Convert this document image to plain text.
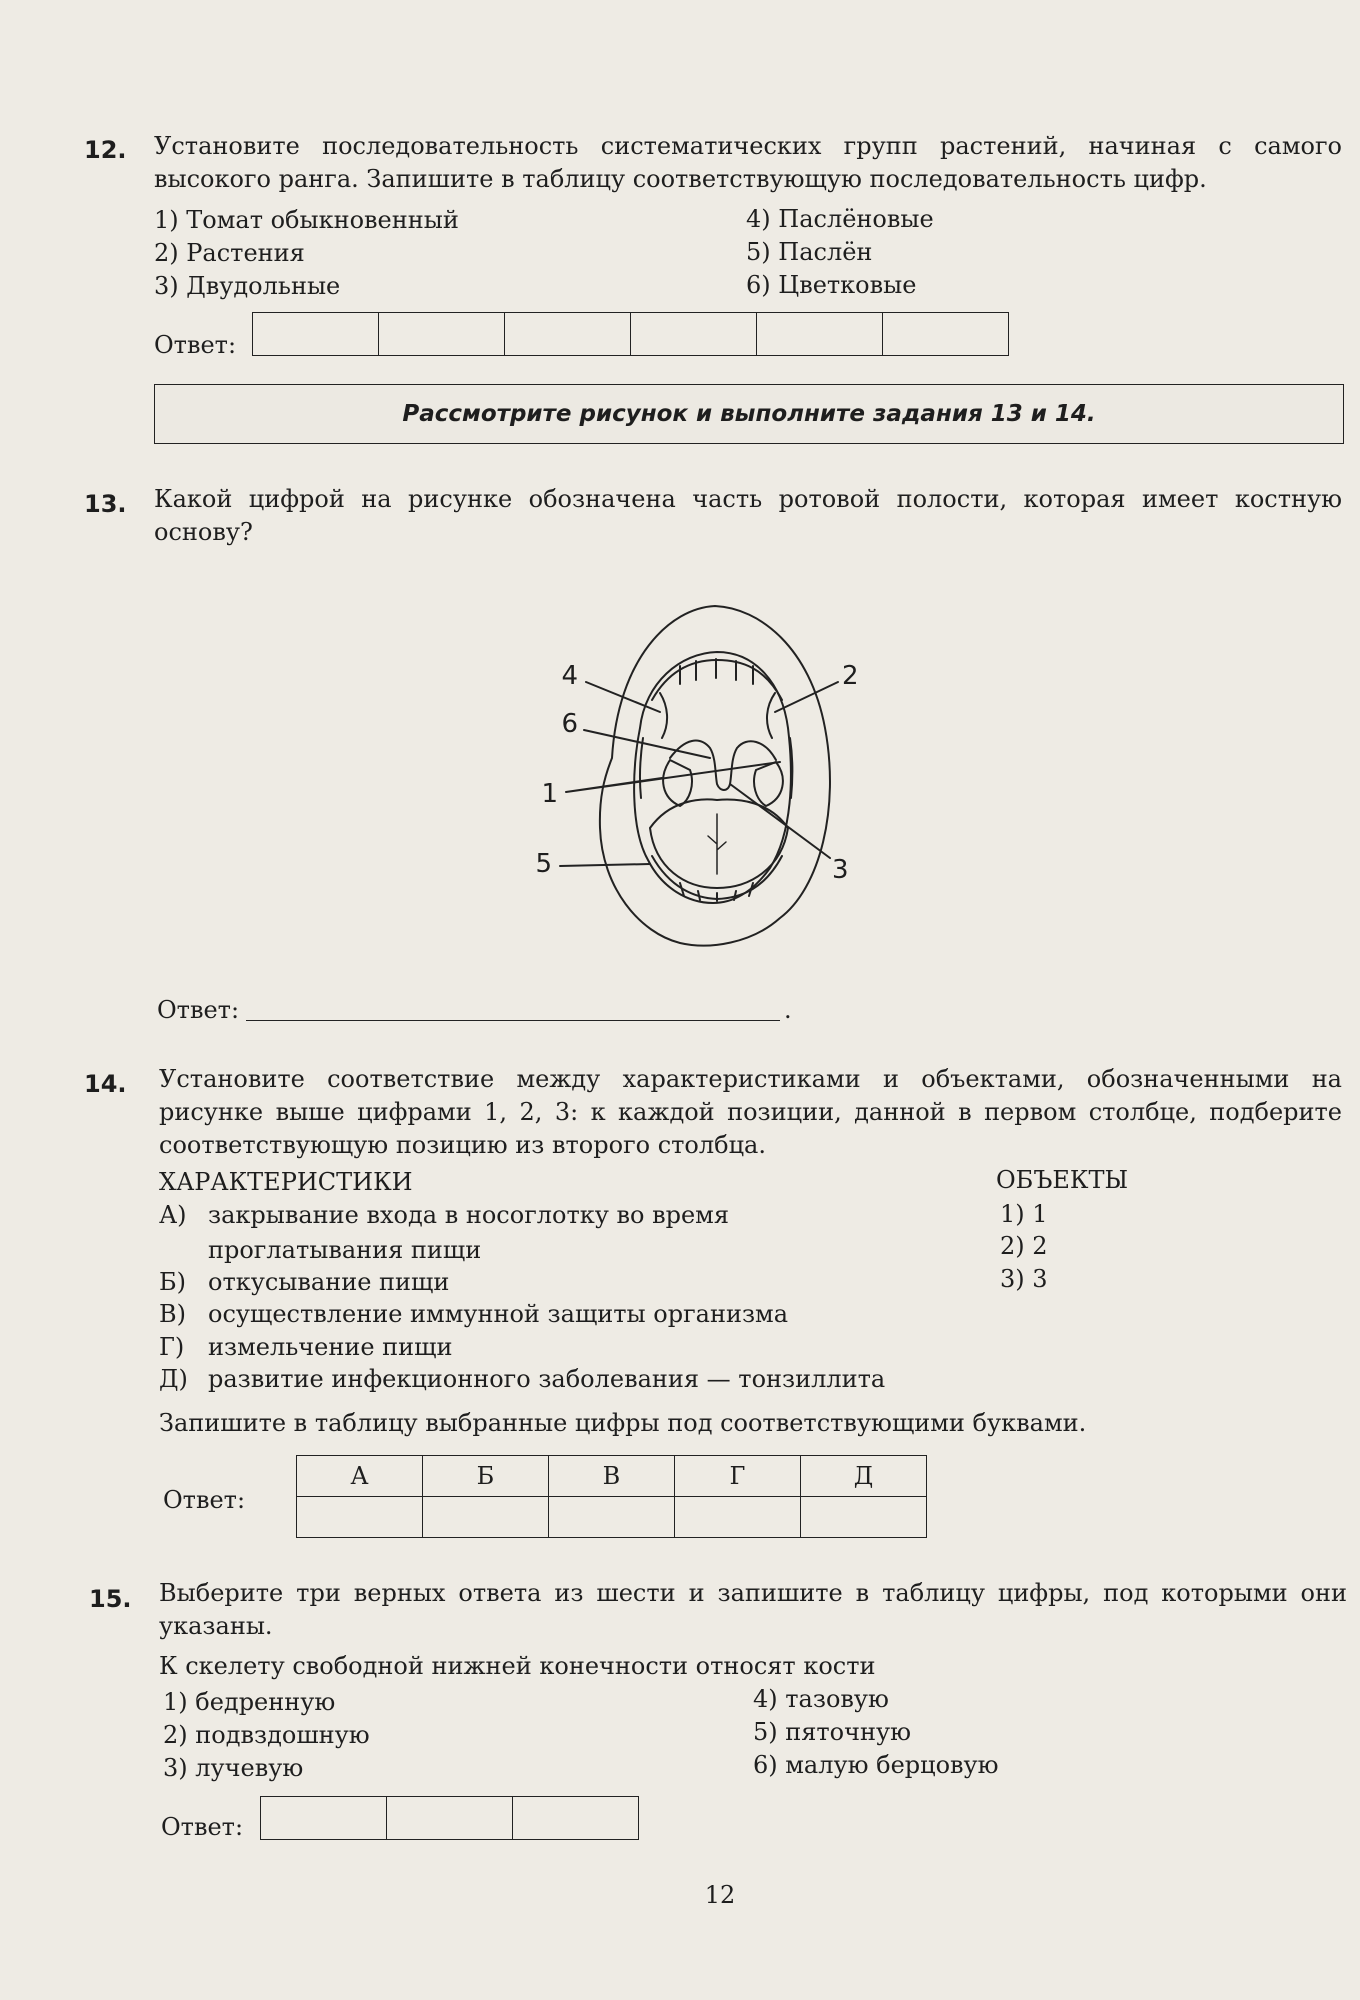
12. Установите последовательность систематических групп растений, начиная с самого высокого ранга. Запишите в таблицу соответствующую последовательность цифр.
1) Томат обыкновенный
2) Растения
3) Двудольные
4) Паслёновые
5) Паслён
6) Цветковые
Ответ:
Рассмотрите рисунок и выполните задания 13 и 14.
13. Какой цифрой на рисунке обозначена часть ротовой полости, которая имеет костную основу?
4	2
6
1
5	3
Ответ:	.
14. Установите соответствие между характеристиками и объектами, обозначенными на рисунке выше цифрами 1, 2, 3: к каждой позиции, данной в первом столбце, подберите соответствующую позицию из второго столбца.
ХАРАКТЕРИСТИКИ	ОБЪЕКТЫ
А) закрывание входа в носоглотку во время
проглатывания пищи
Б) откусывание пищи
В) осуществление иммунной защиты организма
Г) измельчение пищи
Д) развитие инфекционного заболевания — тонзиллита
1) 1
2) 2
3) 3
Запишите в таблицу выбранные цифры под соответствующими буквами.
Ответ:
А	Б	В	Г	Д

15. Выберите три верных ответа из шести и запишите в таблицу цифры, под которыми они указаны.
К скелету свободной нижней конечности относят кости
1) бедренную
2) подвздошную
3) лучевую
4) тазовую
5) пяточную
6) малую берцовую
Ответ:
12
